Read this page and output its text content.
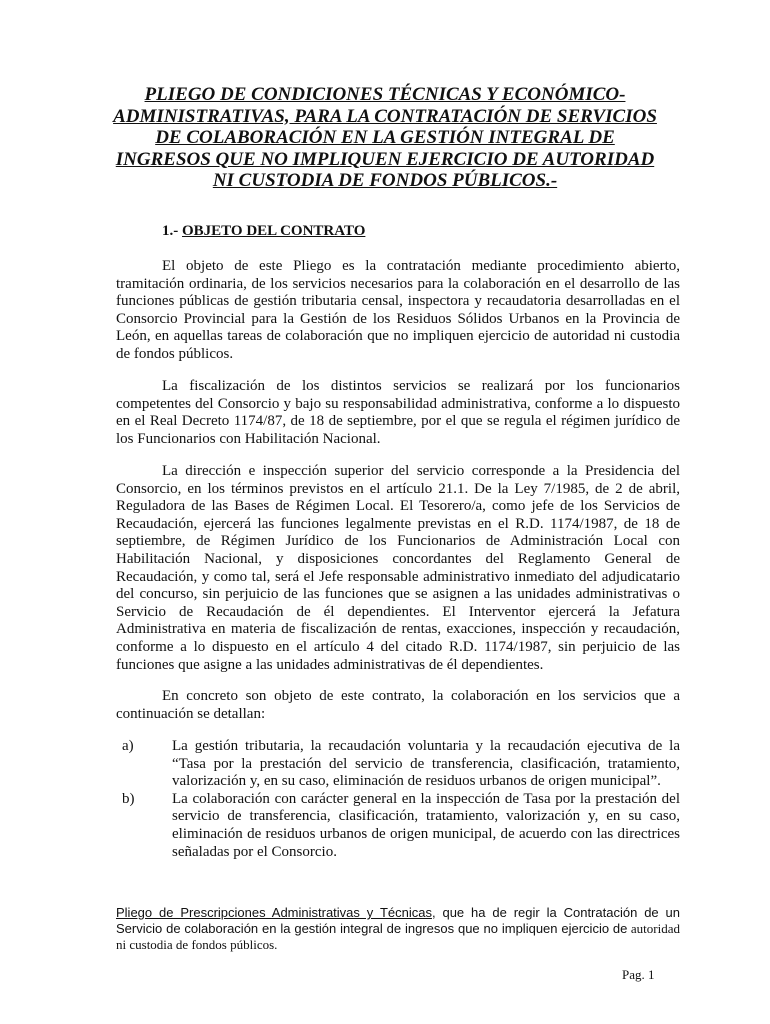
PLIEGO DE CONDICIONES TÉCNICAS Y ECONÓMICO-ADMINISTRATIVAS, PARA LA CONTRATACIÓN DE SERVICIOS DE COLABORACIÓN EN LA GESTIÓN INTEGRAL DE INGRESOS QUE NO IMPLIQUEN EJERCICIO DE AUTORIDAD NI CUSTODIA DE FONDOS PÚBLICOS.-

1.- OBJETO DEL CONTRATO

El objeto de este Pliego es la contratación mediante procedimiento abierto, tramitación ordinaria, de los servicios necesarios para la colaboración en el desarrollo de las funciones públicas de gestión tributaria censal, inspectora y recaudatoria desarrolladas en el Consorcio Provincial para la Gestión de los Residuos Sólidos Urbanos en la Provincia de León, en aquellas tareas de colaboración que no impliquen ejercicio de autoridad ni custodia de fondos públicos.

La fiscalización de los distintos servicios se realizará por los funcionarios competentes del Consorcio y bajo su responsabilidad administrativa, conforme a lo dispuesto en el Real Decreto 1174/87, de 18 de septiembre, por el que se regula el régimen jurídico de los Funcionarios con Habilitación Nacional.

La dirección e inspección superior del servicio corresponde a la Presidencia del Consorcio, en los términos previstos en el artículo 21.1. De la Ley 7/1985, de 2 de abril, Reguladora de las Bases de Régimen Local. El Tesorero/a, como jefe de los Servicios de Recaudación, ejercerá las funciones legalmente previstas en el R.D. 1174/1987, de 18 de septiembre, de Régimen Jurídico de los Funcionarios de Administración Local con Habilitación Nacional, y disposiciones concordantes del Reglamento General de Recaudación, y como tal, será el Jefe responsable administrativo inmediato del adjudicatario del concurso, sin perjuicio de las funciones que se asignen a las unidades administrativas o Servicio de Recaudación de él dependientes. El Interventor ejercerá la Jefatura Administrativa en materia de fiscalización de rentas, exacciones, inspección y recaudación, conforme a lo dispuesto en el artículo 4 del citado R.D. 1174/1987, sin perjuicio de las funciones que asigne a las unidades administrativas de él dependientes.

En concreto son objeto de este contrato, la colaboración en los servicios que a continuación se detallan:

a)	La gestión tributaria, la recaudación voluntaria y la recaudación ejecutiva de la “Tasa por la prestación del servicio de transferencia, clasificación, tratamiento, valorización y, en su caso, eliminación de residuos urbanos de origen municipal”.
b)	La colaboración con carácter general en la inspección de Tasa por la prestación del servicio de transferencia, clasificación, tratamiento, valorización y, en su caso, eliminación de residuos urbanos de origen municipal, de acuerdo con las directrices señaladas por el Consorcio.

Pliego de Prescripciones Administrativas y Técnicas, que ha de regir la Contratación de un Servicio de colaboración en la gestión integral de ingresos que no impliquen ejercicio de autoridad ni custodia de fondos públicos.

Pag. 1
